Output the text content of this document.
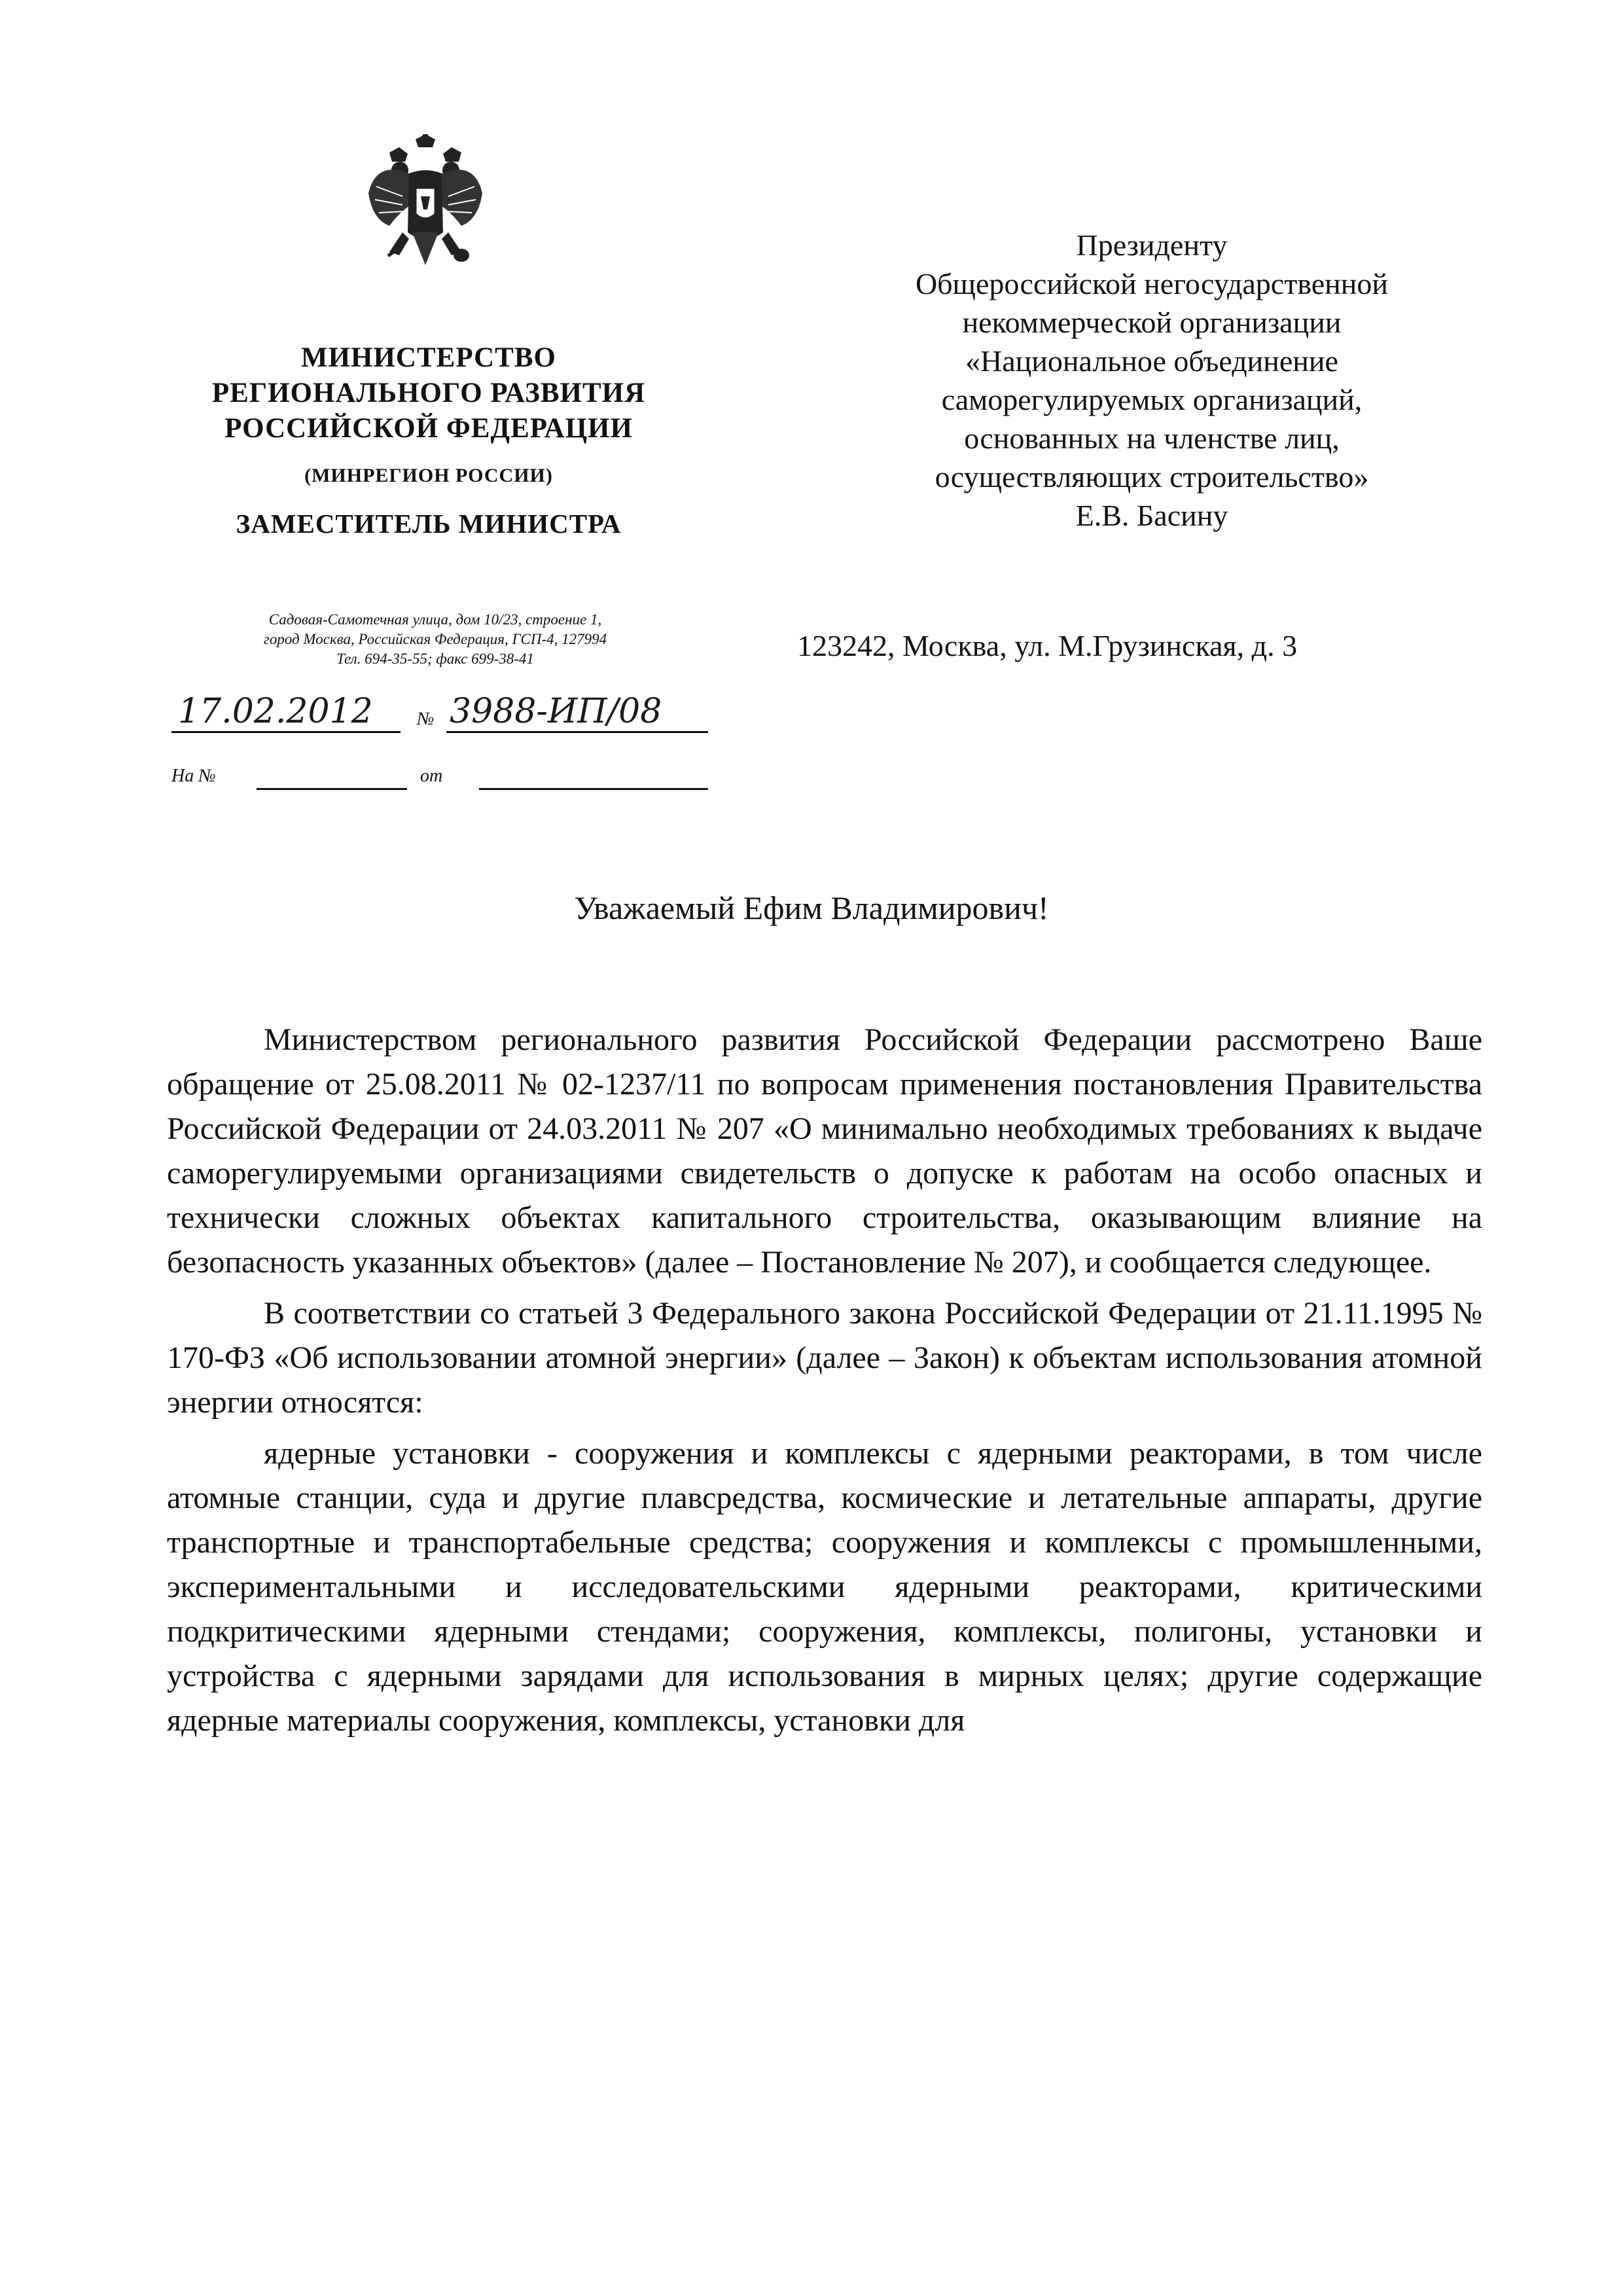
МИНИСТЕРСТВО

РЕГИОНАЛЬНОГО РАЗВИТИЯ

РОССИЙСКОЙ ФЕДЕРАЦИИ

(МИНРЕГИОН РОССИИ)
ЗАМЕСТИТЕЛЬ МИНИСТРА
Садовая-Самотечная улица, дом 10/23, строение 1,
город Москва, Российская Федерация, ГСП-4, 127994
Тел. 694-35-55; факс 699-38-41
17.02.2012 № 3988-ИП/08
На №	от
Президенту
Общероссийской негосударственной
некоммерческой организации
«Национальное объединение
саморегулируемых организаций,
основанных на членстве лиц,
осуществляющих строительство»
Е.В. Басину
123242, Москва, ул. М.Грузинская, д. 3
Уважаемый Ефим Владимирович!

Министерством регионального развития Российской Федерации рассмотрено Ваше обращение от 25.08.2011 № 02-1237/11 по вопросам применения постановления Правительства Российской Федерации от 24.03.2011 № 207 «О минимально необходимых требованиях к выдаче саморегулируемыми организациями свидетельств о допуске к работам на особо опасных и технически сложных объектах капитального строительства, оказывающим влияние на безопасность указанных объектов» (далее – Постановление № 207), и сообщается следующее.

В соответствии со статьей 3 Федерального закона Российской Федерации от 21.11.1995 № 170-ФЗ «Об использовании атомной энергии» (далее – Закон) к объектам использования атомной энергии относятся:

ядерные установки - сооружения и комплексы с ядерными реакторами, в том числе атомные станции, суда и другие плавсредства, космические и летательные аппараты, другие транспортные и транспортабельные средства; сооружения и комплексы с промышленными, экспериментальными и исследовательскими ядерными реакторами, критическими подкритическими ядерными стендами; сооружения, комплексы, полигоны, установки и устройства с ядерными зарядами для использования в мирных целях; другие содержащие ядерные материалы сооружения, комплексы, установки для
